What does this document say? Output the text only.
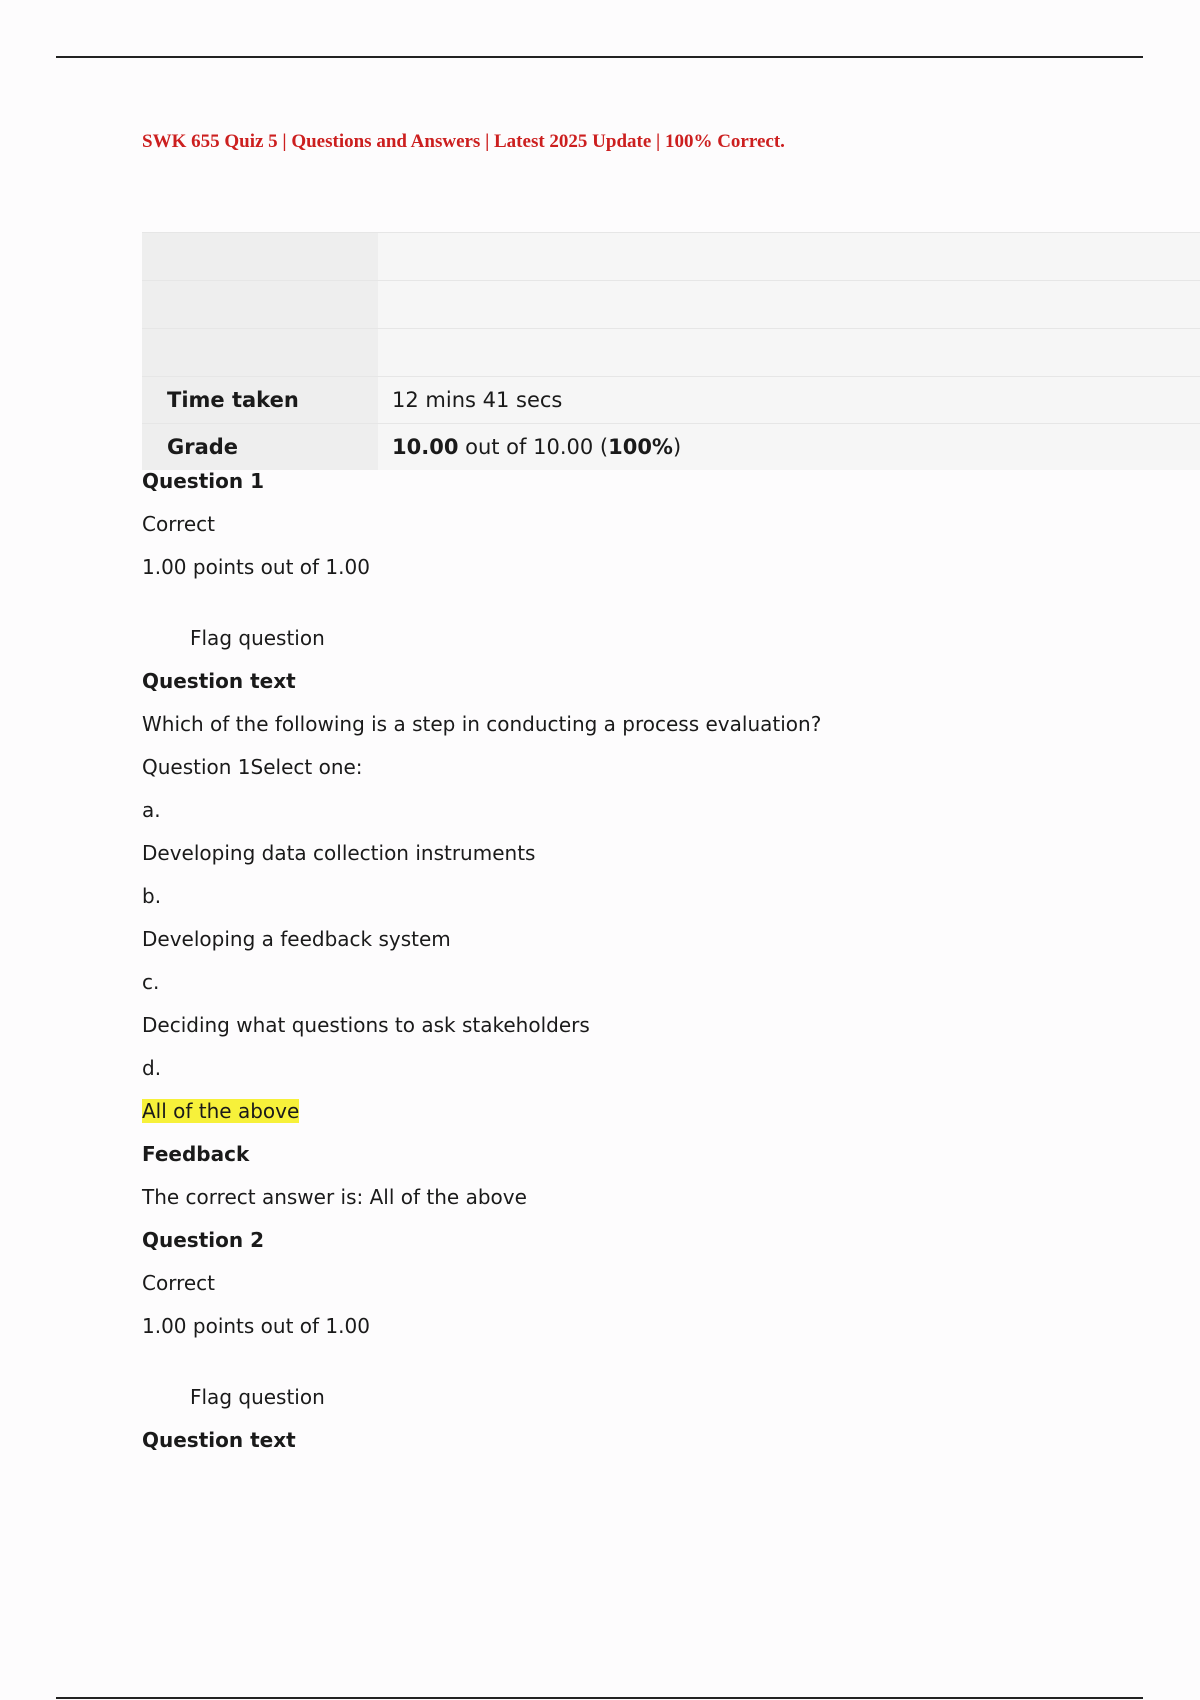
SWK 655 Quiz 5 | Questions and Answers | Latest 2025 Update | 100% Correct.

Time taken	12 mins 41 secs
Grade	10.00 out of 10.00 (100%)

Question 1

Correct

1.00 points out of 1.00

Flag question

Question text

Which of the following is a step in conducting a process evaluation?

Question 1Select one:

a.

Developing data collection instruments

b.

Developing a feedback system

c.

Deciding what questions to ask stakeholders

d.

All of the above

Feedback

The correct answer is: All of the above

Question 2

Correct

1.00 points out of 1.00

Flag question

Question text
